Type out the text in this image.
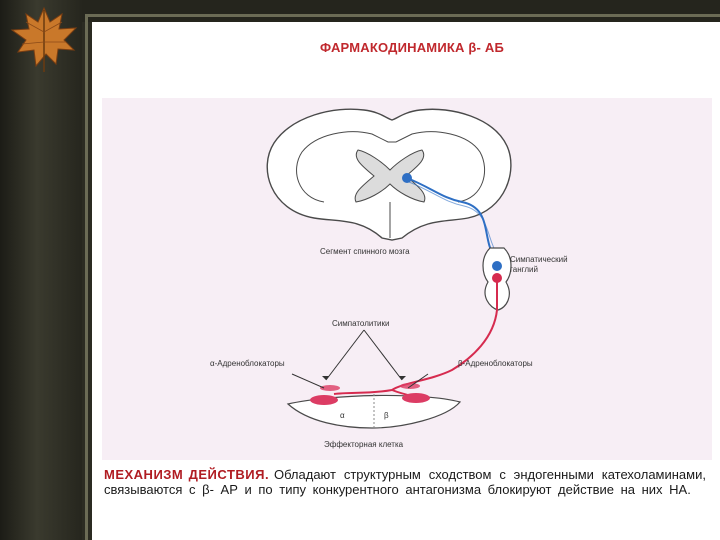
ФАРМАКОДИНАМИКА β- АБ
α	β
Сегмент спинного мозга
Симпатический
ганглий
Симпатолитики
α-Адреноблокаторы	β-Адреноблокаторы
Эффекторная клетка
МЕХАНИЗМ ДЕЙСТВИЯ. Обладают структурным сходством с эндогенными катехоламинами, связываются с β- АР и по типу конкурентного антагонизма блокируют действие на них НА.
